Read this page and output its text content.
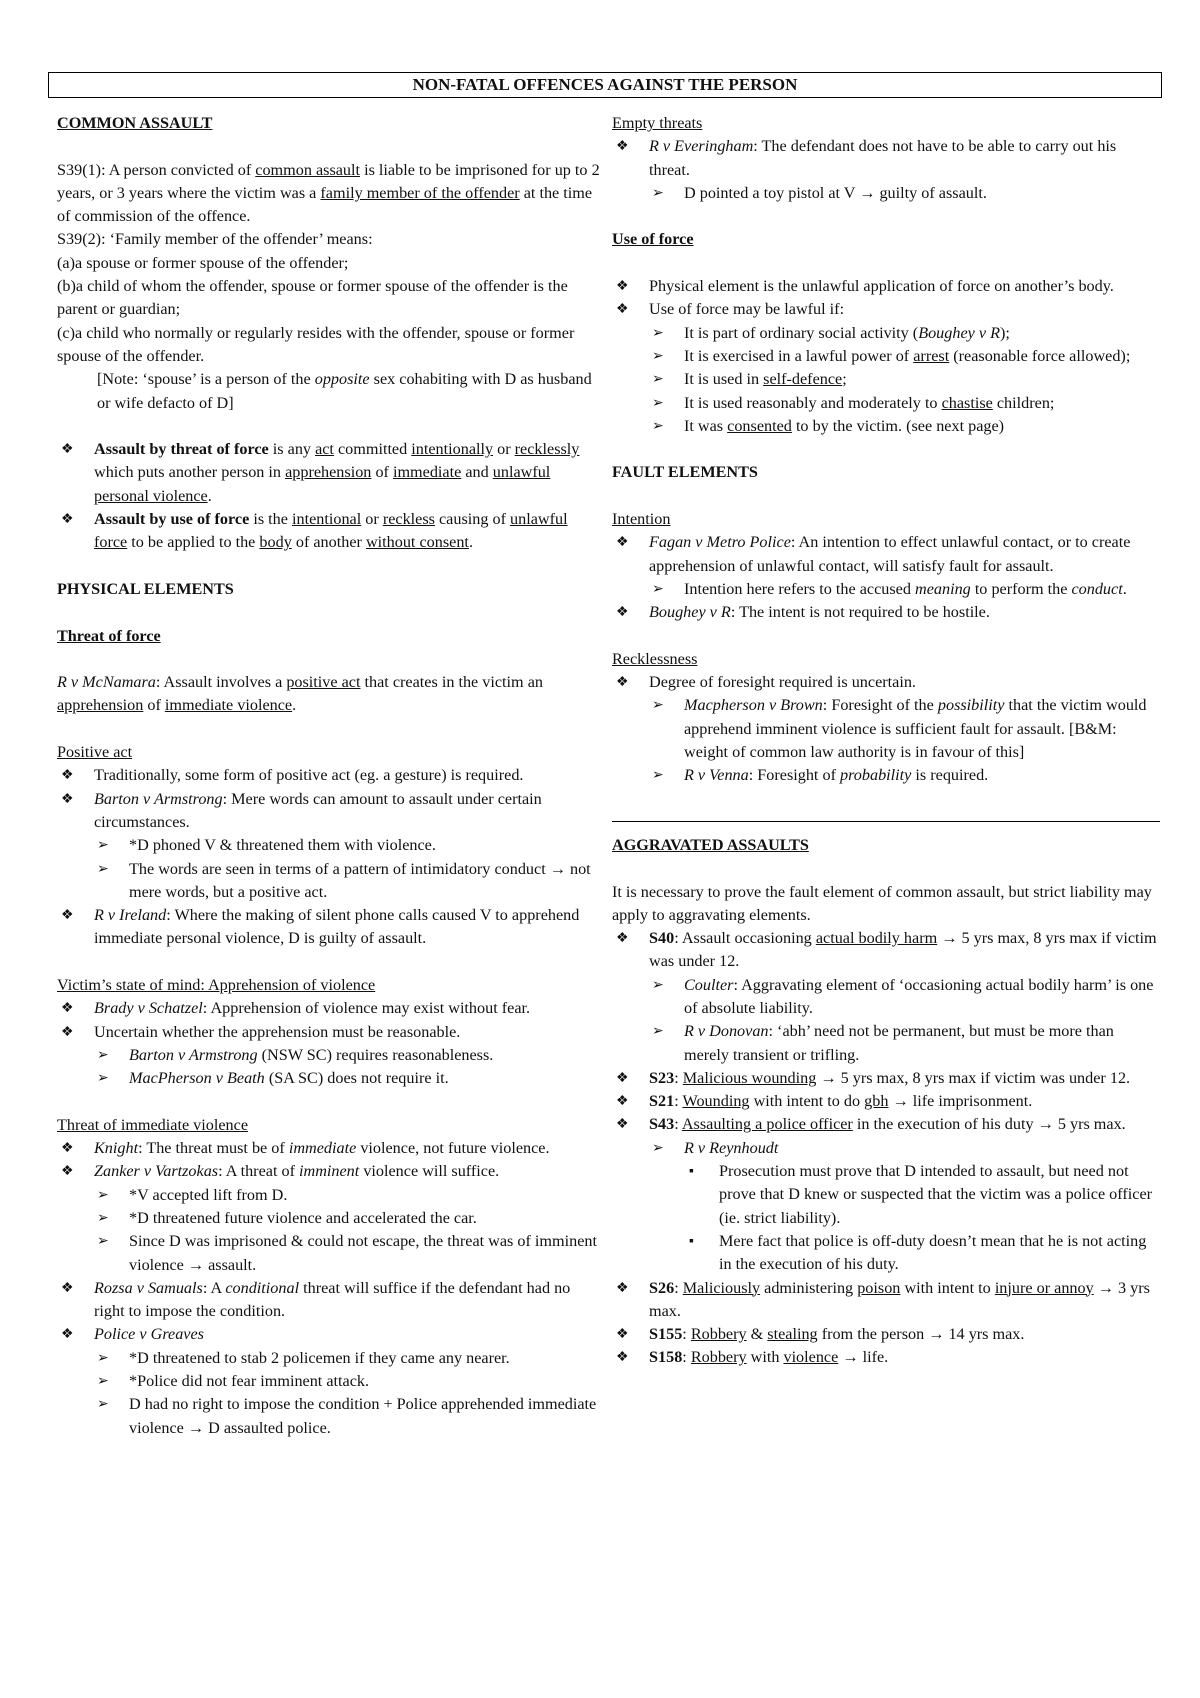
NON-FATAL OFFENCES AGAINST THE PERSON
COMMON ASSAULT
S39(1): A person convicted of common assault is liable to be imprisoned for up to 2 years, or 3 years where the victim was a family member of the offender at the time of commission of the offence.
S39(2): ‘Family member of the offender’ means:
(a)a spouse or former spouse of the offender;
(b)a child of whom the offender, spouse or former spouse of the offender is the parent or guardian;
(c)a child who normally or regularly resides with the offender, spouse or former spouse of the offender.
[Note: ‘spouse’ is a person of the opposite sex cohabiting with D as husband or wife defacto of D]
❖ Assault by threat of force is any act committed intentionally or recklessly which puts another person in apprehension of immediate and unlawful personal violence.
❖ Assault by use of force is the intentional or reckless causing of unlawful force to be applied to the body of another without consent.
PHYSICAL ELEMENTS
Threat of force
R v McNamara: Assault involves a positive act that creates in the victim an apprehension of immediate violence.
Positive act
❖ Traditionally, some form of positive act (eg. a gesture) is required.
❖ Barton v Armstrong: Mere words can amount to assault under certain circumstances.
➢ *D phoned V & threatened them with violence.
➢ The words are seen in terms of a pattern of intimidatory conduct → not mere words, but a positive act.
❖ R v Ireland: Where the making of silent phone calls caused V to apprehend immediate personal violence, D is guilty of assault.
Victim’s state of mind: Apprehension of violence
❖ Brady v Schatzel: Apprehension of violence may exist without fear.
❖ Uncertain whether the apprehension must be reasonable.
➢ Barton v Armstrong (NSW SC) requires reasonableness.
➢ MacPherson v Beath (SA SC) does not require it.
Threat of immediate violence
❖ Knight: The threat must be of immediate violence, not future violence.
❖ Zanker v Vartzokas: A threat of imminent violence will suffice.
➢ *V accepted lift from D.
➢ *D threatened future violence and accelerated the car.
➢ Since D was imprisoned & could not escape, the threat was of imminent violence → assault.
❖ Rozsa v Samuals: A conditional threat will suffice if the defendant had no right to impose the condition.
❖ Police v Greaves
➢ *D threatened to stab 2 policemen if they came any nearer.
➢ *Police did not fear imminent attack.
➢ D had no right to impose the condition + Police apprehended immediate violence → D assaulted police.
Empty threats
❖ R v Everingham: The defendant does not have to be able to carry out his threat.
➢ D pointed a toy pistol at V → guilty of assault.
Use of force
❖ Physical element is the unlawful application of force on another’s body.
❖ Use of force may be lawful if:
➢ It is part of ordinary social activity (Boughey v R);
➢ It is exercised in a lawful power of arrest (reasonable force allowed);
➢ It is used in self-defence;
➢ It is used reasonably and moderately to chastise children;
➢ It was consented to by the victim. (see next page)
FAULT ELEMENTS
Intention
❖ Fagan v Metro Police: An intention to effect unlawful contact, or to create apprehension of unlawful contact, will satisfy fault for assault.
➢ Intention here refers to the accused meaning to perform the conduct.
❖ Boughey v R: The intent is not required to be hostile.
Recklessness
❖ Degree of foresight required is uncertain.
➢ Macpherson v Brown: Foresight of the possibility that the victim would apprehend imminent violence is sufficient fault for assault. [B&M: weight of common law authority is in favour of this]
➢ R v Venna: Foresight of probability is required.
AGGRAVATED ASSAULTS
It is necessary to prove the fault element of common assault, but strict liability may apply to aggravating elements.
❖ S40: Assault occasioning actual bodily harm → 5 yrs max, 8 yrs max if victim was under 12.
➢ Coulter: Aggravating element of ‘occasioning actual bodily harm’ is one of absolute liability.
➢ R v Donovan: ‘abh’ need not be permanent, but must be more than merely transient or trifling.
❖ S23: Malicious wounding → 5 yrs max, 8 yrs max if victim was under 12.
❖ S21: Wounding with intent to do gbh → life imprisonment.
❖ S43: Assaulting a police officer in the execution of his duty → 5 yrs max.
➢ R v Reynhoudt
▪ Prosecution must prove that D intended to assault, but need not prove that D knew or suspected that the victim was a police officer (ie. strict liability).
▪ Mere fact that police is off-duty doesn’t mean that he is not acting in the execution of his duty.
❖ S26: Maliciously administering poison with intent to injure or annoy → 3 yrs max.
❖ S155: Robbery & stealing from the person → 14 yrs max.
❖ S158: Robbery with violence → life.
